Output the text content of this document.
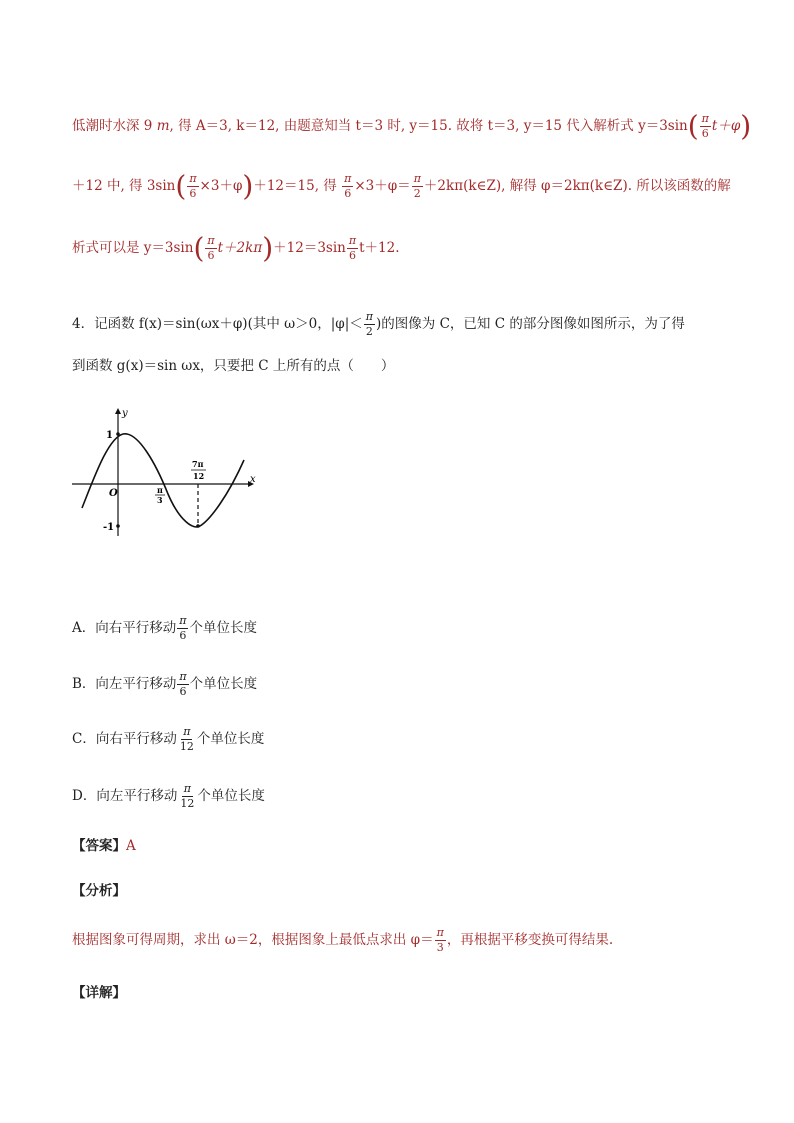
低潮时水深 9 m, 得 A＝3, k＝12, 由题意知当 t＝3 时, y＝15. 故将 t＝3, y＝15 代入解析式 $y=3\sin( \frac{\pi}{6} t+\varphi)$
＋12 中, 得 $3\sin( \frac{\pi}{6} \times 3+\varphi)+12=15$, 得 $\frac{\pi}{6} \times 3+\varphi= \frac{\pi}{2}$ ＋2kπ(k∈Z), 解得 φ＝2kπ(k∈Z). 所以该函数的解
析式可以是 $y=3\sin( \frac{\pi}{6} t+2k\pi)+12=3\sin \frac{\pi}{6} t+12$.
4．记函数 f(x)＝sin(ωx＋φ)(其中 ω＞0，$|\varphi|< \frac{\pi}{2}$ )的图像为 C，已知 C 的部分图像如图所示，为了得
到函数 g(x)＝sin ωx，只要把 C 上所有的点（　　）
y
x
O
1
-1
π
3
7π
12
A．向右平行移动 $\frac{\pi}{6}$ 个单位长度
B．向左平行移动 $\frac{\pi}{6}$ 个单位长度
C．向右平行移动 $\frac{\pi}{12}$ 个单位长度
D．向左平行移动 $\frac{\pi}{12}$ 个单位长度
【答案】A
【分析】
根据图象可得周期，求出 ω＝2，根据图象上最低点求出 $\varphi= \frac{\pi}{3}$ ，再根据平移变换可得结果.
【详解】
